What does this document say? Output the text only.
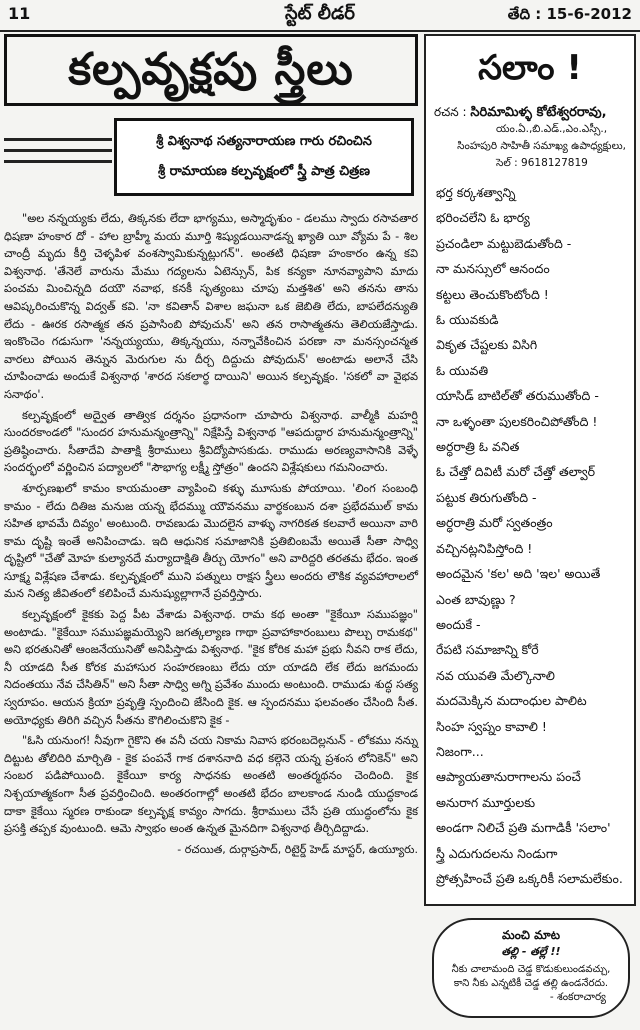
11	స్టేట్ లీడర్	తేది : 15-6-2012
కల్పవృక్షపు స్త్రీలు
శ్రీ విశ్వనాథ సత్యనారాయణ గారు రచించిన
శ్రీ రామాయణ కల్పవృక్షంలో స్త్రీ పాత్ర చిత్రణ

"అల నన్నయ్యకు లేదు, తిక్కనకు లేదా భాగ్యము, అస్మాదృశుం - డలము స్వాదు రసావతార ధిషణా హంకార దో - హాల బ్రాహ్మీ మయ మూర్తి శిష్యుడయినాడన్న ఖ్యాతి యీ వ్యోమ పే - శిల చాంద్రీ మృదు కీర్తి చెళ్ళపిళ వంశస్వామికున్నట్లుగన్". అంతటి ధిషణా హంకారం ఉన్న కవి విశ్వనాథ. 'తేనెలే వారును మేము గద్యలను ఏటెన్సున్, పిక కన్యకా నూనవ్యాపాని మాదు పంచమ మించిన్నది దయౌ నవాభ, కనకీ సృత్యంబు చూపు మత్తశిత' అని తనను తాను ఆవిష్కరించుకొన్న విద్వత్ కవి. 'నా కవితాన్ విశాల జఘనా ఒక జెబితి లేదు, బాపలేదన్యుతి లేదు - ఊరక రసాత్మక తన ప్రపాసింబి పోవుచున్' అని తన రాసాత్మతను తెలియజేస్తాడు. ఇంకొంచెం గడుసుగా 'నన్నయ్యయు, తిక్కన్నయు, నన్నావేకించిన పరణా నా మనస్సంచన్మత వారలు పోయిన తెన్నున మెరుగుల ను దీర్చ దిద్దుచు పోవుదున్' అంటాడు అలానే చేసి చూపించాడు అందుకే విశ్వనాథ 'శారద సకలార్థ దాయిని' అయిన కల్పవృక్షం. 'సకలో వా వైభవ సనాథం'.

కల్పవృక్షంలో అద్వైత తాత్విక దర్శనం ప్రధానంగా చూపారు విశ్వనాథ. వాల్మీకి మహర్షి సుందరకాండలో "సుందర హనుమన్మంత్రాన్ని" నిక్షేపిస్తే విశ్వనాథ "ఆపదుద్ధార హనుమన్మంత్రాన్ని" ప్రతిష్ఠించారు. సీతాదేవి పాతాక్షి శ్రీరాములు శ్రీవిద్యోపాసకుడు. రాముడు అరణ్యవాసానికి వెళ్ళే సందర్భంలో వర్ణించిన పద్యాలలో "సౌభాగ్య లక్ష్మీ స్తోత్రం" ఉందని విశ్లేషకులు గమనించారు.

శూర్పణఖలో కామం కాయమంతా వ్యాపించి కళ్ళు మూసుకు పోయాయి. 'లింగ సంబంధి కామం - లేదు దితిజ మనుజ యన్న భేదమ్ము యౌవనము వార్థకంబున దశా ప్రభేదముల్ కామ సహిత భావమే దివ్యం' అంటుంది. రావణుడు మొదలైన వాళ్ళు నాగరికత కలవారే అయినా వారి కామ దృష్టి ఇంతే అనిపించాడు. ఇది ఆధునిక సమాజానికి ప్రతిబింబమే అయితే సీతా సాధ్వి దృష్టిలో "చేతో మోహ కుల్యానదే మర్యాదాక్షితి తీర్చు యోగం" అని వారిద్దరి తరతమ భేదం. ఇంత సూక్ష్మ విశ్లేషణ చేశాడు. కల్పవృక్షంలో ముని పత్నులు రాక్షస స్త్రీలు అందరు లౌకిక వ్యవహారాలలో మన నిత్య జీవితంలో కలిపించే మనుష్యుల్లాగానే ప్రవర్తిస్తారు.

కల్పవృక్షంలో కైకకు పెద్ద పీట వేశాడు విశ్వనాథ. రామ కథ అంతా "కైకేయీ సముపజ్ఞం" అంటాడు. "కైకేయీ సముపజ్ఞమయ్యెని జగత్కల్యాణ గాథా ప్రవాహాకారంబులు పొల్చు రామకథ" అని భరతునితో ఆంజనేయునితో అనిపిస్తాడు విశ్వనాథ. "కైక కోరిక మహా ప్రభు నీవని రాక లేదు, నీ యాడది సీత కోరక మహాసుర సంహరణంబు లేదు యా యాడది లేక లేదు జగమందు నిదంతయు నేవ చేసితిన్" అని సీతా సాధ్వి అగ్ని ప్రవేశం ముందు అంటుంది. రాముడు శుద్ధ సత్య స్వరూపం. ఆయన క్రియా ప్రవృత్తి స్పందించి జేసింది కైక. ఆ స్పందనము ఫలవంతం చేసింది సీత. అయోధ్యకు తిరిగి వచ్చిన సీతను కౌగిలించుకొని కైక -

"ఓసి యనుంగ! నీవుగా గైకొని ఈ వనీ చయ నికామ నివాస భరంబదెల్లనున్ - లోకము నన్ను దిట్టుట తోలిదిరి మార్చితి - కైక పంపనే గాక దశాననాది వధ కల్గెనె యన్న ప్రశంస లోనికెన్" అని సంబర పడిపోయింది. కైకేయీ కార్య సాధనకు అంతటి అంతర్మథనం చెందింది. కైక నిశ్చయాత్మకంగా సీత ప్రవర్తించింది. అంతరంగాల్లో అంతటి భేదం బాలకాండ నుండి యుద్ధకాండ దాకా కైకేయి స్మరణ రాకుండా కల్పవృక్ష కావ్యం సాగదు. శ్రీరాములు చేసే ప్రతి యుద్ధంలోను కైక ప్రసక్తి తప్పక వుంటుంది. ఆమె స్వాభం అంత ఉన్నత మైనదిగా విశ్వనాథ తీర్చిదిద్దాడు.

- రచయిత, దుర్గాప్రసాద్, రిటైర్డ్ హెడ్ మాస్టర్, ఉయ్యూరు.
సలాం !
రచన : సిరిమామిళ్ళ కోటేశ్వరరావు,
యం.ఏ.,బి.ఎడ్.,ఎం.ఎస్సీ.,
సింహపురి సాహితీ సమాఖ్య ఉపాధ్యక్షులు,
సెల్ : 9618127819
భర్త కర్కశత్వాన్ని
భరించలేని ఓ భార్య
ప్రచండిలా మట్టుబెడుతోంది -
నా మనస్సులో ఆనందం
కట్టలు తెంచుకొంటోంది !
ఓ యువకుడి
వికృత చేష్టలకు విసిగి
ఓ యువతి
యాసిడ్ బాటిల్‌తో తరుముతోంది -
నా ఒళ్ళంతా పులకరించిపోతోంది !
అర్ధరాత్రి ఓ వనిత
ఓ చేత్తో దివిటీ మరో చేత్తో తల్వార్
పట్టుక తిరుగుతోంది -
అర్ధరాత్రి మరో స్వతంత్రం
వచ్చినట్లనిపిస్తోంది !
అందమైన 'కల' అది 'ఇల' అయితే
ఎంత బావుణ్ణు ?
అందుకే -
రేపటి సమాజాన్ని కోరే
నవ యువతి మేల్కొనాలి
మదమెక్కిన మదాంధుల పాలిట
సింహ స్వప్నం కావాలి !
నిజంగా...
ఆప్యాయతానురాగాలను పంచే
అనురాగ మూర్తులకు
అండగా నిలిచే ప్రతి మగాడికీ 'సలాం'
స్త్రీ ఎదుగుదలను నిండుగా
ప్రోత్సహించే ప్రతి ఒక్కరికీ సలామలేకుం.
మంచి మాట
తల్లి - తల్లే !!
నీకు చాలామంది చెడ్డ కొడుకులుండవచ్చు, కాని నీకు ఎన్నటికీ చెడ్డ తల్లి ఉండనేరదు.
- శంకరాచార్య
